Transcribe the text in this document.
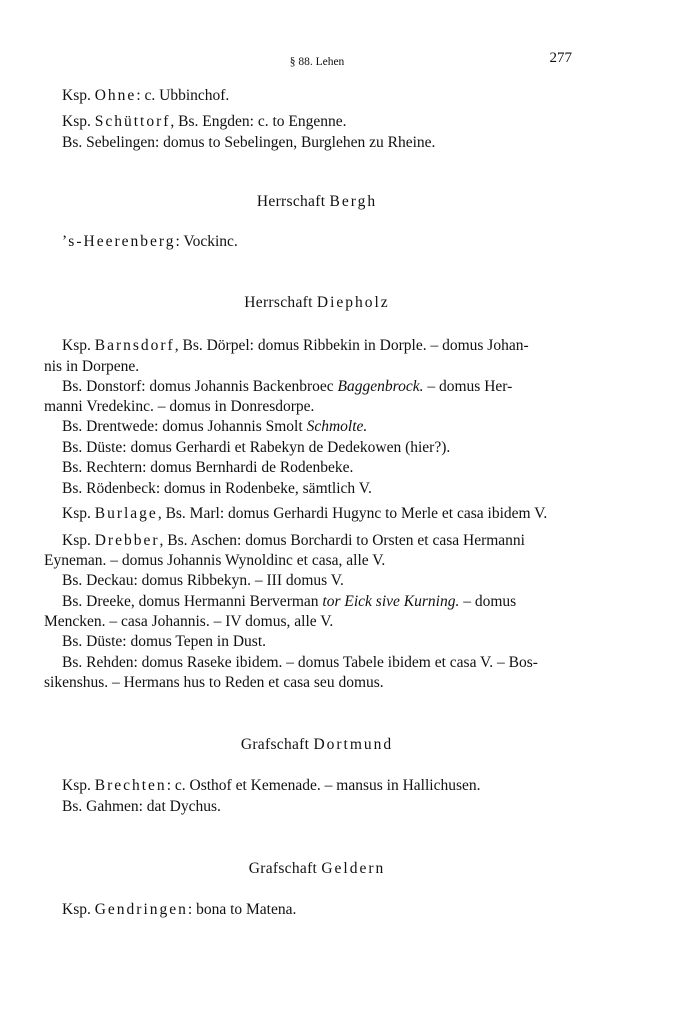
§ 88. Lehen	277
Ksp. Ohne: c. Ubbinchof.
Ksp. Schüttorf, Bs. Engden: c. to Engenne.
Bs. Sebelingen: domus to Sebelingen, Burglehen zu Rheine.
Herrschaft Bergh
’s-Heerenberg: Vockinc.
Herrschaft Diepholz
Ksp. Barnsdorf, Bs. Dörpel: domus Ribbekin in Dorple. – domus Johan-
nis in Dorpene.
Bs. Donstorf: domus Johannis Backenbroec Baggenbrock. – domus Her-
manni Vredekinc. – domus in Donresdorpe.
Bs. Drentwede: domus Johannis Smolt Schmolte.
Bs. Düste: domus Gerhardi et Rabekyn de Dedekowen (hier?).
Bs. Rechtern: domus Bernhardi de Rodenbeke.
Bs. Rödenbeck: domus in Rodenbeke, sämtlich V.
Ksp. Burlage, Bs. Marl: domus Gerhardi Hugync to Merle et casa ibidem V.
Ksp. Drebber, Bs. Aschen: domus Borchardi to Orsten et casa Hermanni
Eyneman. – domus Johannis Wynoldinc et casa, alle V.
Bs. Deckau: domus Ribbekyn. – III domus V.
Bs. Dreeke, domus Hermanni Berverman tor Eick sive Kurning. – domus
Mencken. – casa Johannis. – IV domus, alle V.
Bs. Düste: domus Tepen in Dust.
Bs. Rehden: domus Raseke ibidem. – domus Tabele ibidem et casa V. – Bos-
sikenshus. – Hermans hus to Reden et casa seu domus.
Grafschaft Dortmund
Ksp. Brechten: c. Osthof et Kemenade. – mansus in Hallichusen.
Bs. Gahmen: dat Dychus.
Grafschaft Geldern
Ksp. Gendringen: bona to Matena.
